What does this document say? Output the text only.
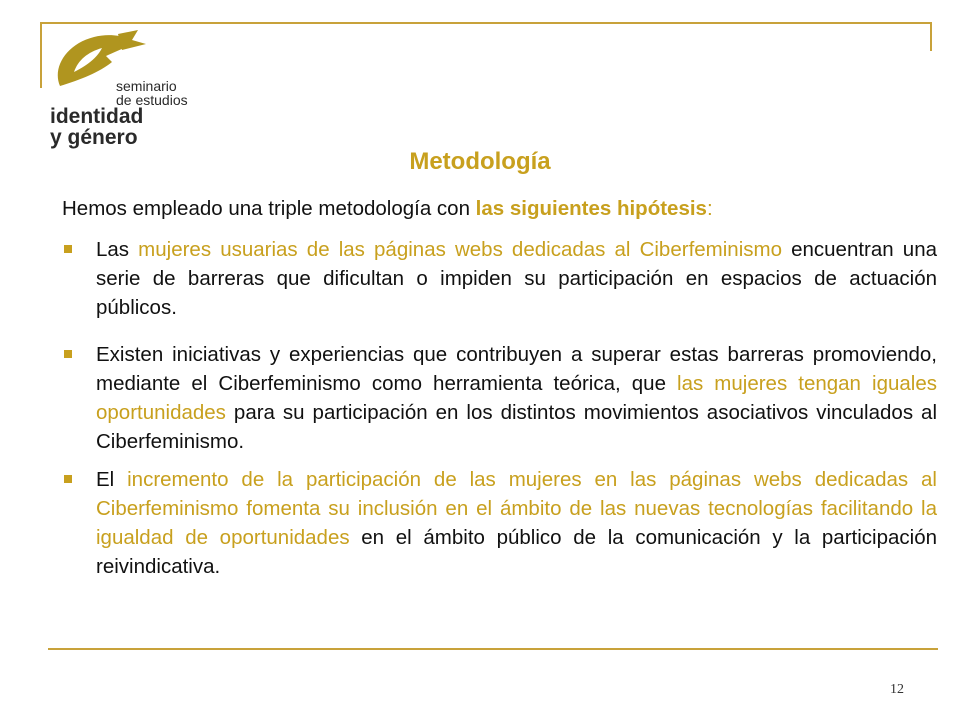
seminario
de estudios
identidad
y género
Metodología
Hemos empleado una triple metodología con las siguientes hipótesis:
Las mujeres usuarias de las páginas webs dedicadas al Ciberfeminismo encuentran una serie de barreras que dificultan o impiden su participación en espacios de actuación públicos.
Existen iniciativas y experiencias que contribuyen a superar estas barreras promoviendo, mediante el Ciberfeminismo como herramienta teórica, que las mujeres tengan iguales oportunidades para su participación en los distintos movimientos asociativos vinculados al Ciberfeminismo.
El incremento de la participación de las mujeres en las páginas webs dedicadas al Ciberfeminismo fomenta su inclusión en el ámbito de las nuevas tecnologías facilitando la igualdad de oportunidades en el ámbito público de la comunicación y la participación reivindicativa.
12
